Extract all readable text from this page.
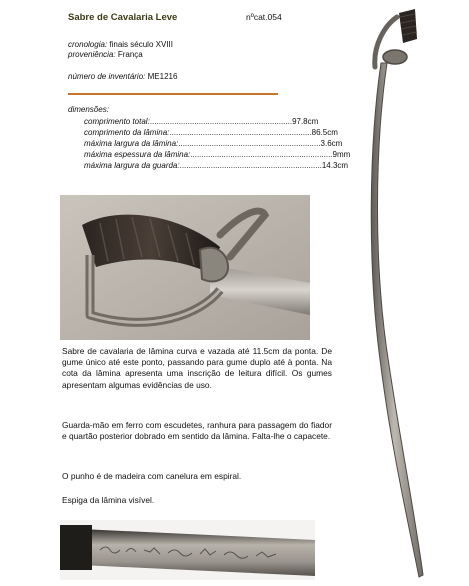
Sabre de Cavalaria Leve	nºcat.054
cronologia: finais século XVIII
proveniência: França
número de inventário: ME1216
dimensões:
comprimento total: ................................................................ 97.8cm
comprimento da lâmina: ................................................................ 86.5cm
máxima largura da lâmina: ................................................................ 3.6cm
máxima espessura da lâmina: ................................................................ 9mm
máxima largura da guarda: ................................................................ 14.3cm
Sabre de cavalaria de lâmina curva e vazada até 11.5cm da ponta. De gume único até este ponto, passando para gume duplo até à ponta. Na cota da lâmina apresenta uma inscrição de leitura difícil. Os gumes apresentam algumas evidências de uso.
Guarda-mão em ferro com escudetes, ranhura para passagem do fiador e quartão posterior dobrado em sentido da lâmina. Falta-lhe o capacete.
O punho é de madeira com canelura em espiral.
Espiga da lâmina visível.
